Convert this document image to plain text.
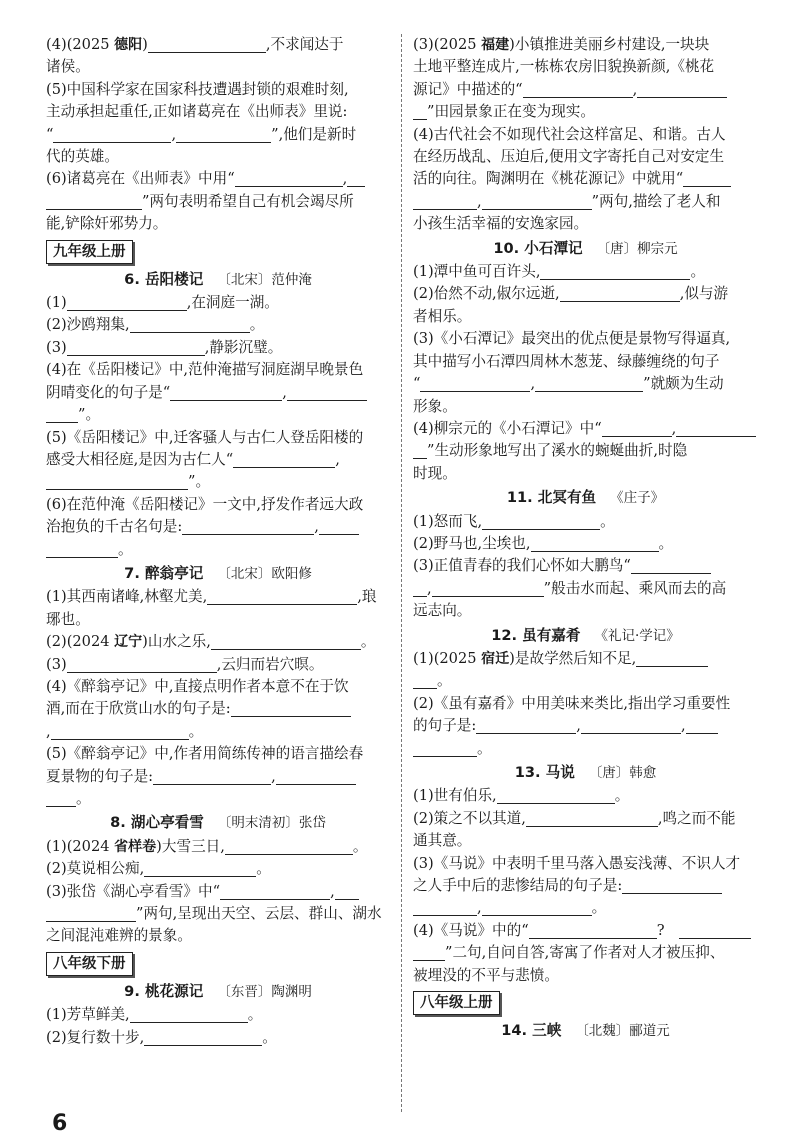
(4)(2025 德阳)	,不求闻达于
诸侯。

(5)中国科学家在国家科技遭遇封锁的艰难时刻,
主动承担起重任,正如诸葛亮在《出师表》里说:
“	,	”,他们是新时
代的英雄。

(6)诸葛亮在《出师表》中用“	,
”两句表明希望自己有机会竭尽所
能,铲除奸邪势力。

九年级上册

6. 岳阳楼记 〔北宋〕范仲淹

(1)	,在洞庭一湖。

(2)沙鸥翔集,	。

(3)	,静影沉璧。

(4)在《岳阳楼记》中,范仲淹描写洞庭湖早晚景色
阴晴变化的句子是“	,
”。

(5)《岳阳楼记》中,迁客骚人与古仁人登岳阳楼的
感受大相径庭,是因为古仁人“	,
”。

(6)在范仲淹《岳阳楼记》一文中,抒发作者远大政
治抱负的千古名句是:	,
。

7. 醉翁亭记 〔北宋〕欧阳修

(1)其西南诸峰,林壑尤美,	,琅
琊也。

(2)(2024 辽宁)山水之乐,	。

(3)	,云归而岩穴暝。

(4)《醉翁亭记》中,直接点明作者本意不在于饮
酒,而在于欣赏山水的句子是:
,	。

(5)《醉翁亭记》中,作者用简练传神的语言描绘春
夏景物的句子是:	,
。

8. 湖心亭看雪 〔明末清初〕张岱

(1)(2024 省样卷)大雪三日,	。

(2)莫说相公痴,	。

(3)张岱《湖心亭看雪》中“	,
”两句,呈现出天空、云层、群山、湖水
之间混沌难辨的景象。

八年级下册

9. 桃花源记 〔东晋〕陶渊明

(1)芳草鲜美,	。

(2)复行数十步,	。

(3)(2025 福建)小镇推进美丽乡村建设,一块块
土地平整连成片,一栋栋农房旧貌换新颜,《桃花
源记》中描述的“	,
”田园景象正在变为现实。

(4)古代社会不如现代社会这样富足、和谐。古人
在经历战乱、压迫后,便用文字寄托自己对安定生
活的向往。陶渊明在《桃花源记》中就用“
,	”两句,描绘了老人和
小孩生活幸福的安逸家园。

10. 小石潭记 〔唐〕柳宗元

(1)潭中鱼可百许头,	。

(2)佁然不动,俶尔远逝,	,似与游
者相乐。

(3)《小石潭记》最突出的优点便是景物写得逼真,
其中描写小石潭四周林木葱茏、绿藤缠绕的句子
“	,	”就颇为生动
形象。

(4)柳宗元的《小石潭记》中“	,
”生动形象地写出了溪水的蜿蜒曲折,时隐
时现。

11. 北冥有鱼 《庄子》

(1)怒而飞,	。

(2)野马也,尘埃也,	。

(3)正值青春的我们心怀如大鹏鸟“
,	”般击水而起、乘风而去的高
远志向。

12. 虽有嘉肴 《礼记·学记》

(1)(2025 宿迁)是故学然后知不足,
。

(2)《虽有嘉肴》中用美味来类比,指出学习重要性
的句子是:	,	,
。

13. 马说 〔唐〕韩愈

(1)世有伯乐,	。

(2)策之不以其道,	,鸣之而不能
通其意。

(3)《马说》中表明千里马落入愚妄浅薄、不识人才
之人手中后的悲惨结局的句子是:
,	。

(4)《马说》中的“	? 
”二句,自问自答,寄寓了作者对人才被压抑、
被埋没的不平与悲愤。

八年级上册

14. 三峡 〔北魏〕郦道元

6
